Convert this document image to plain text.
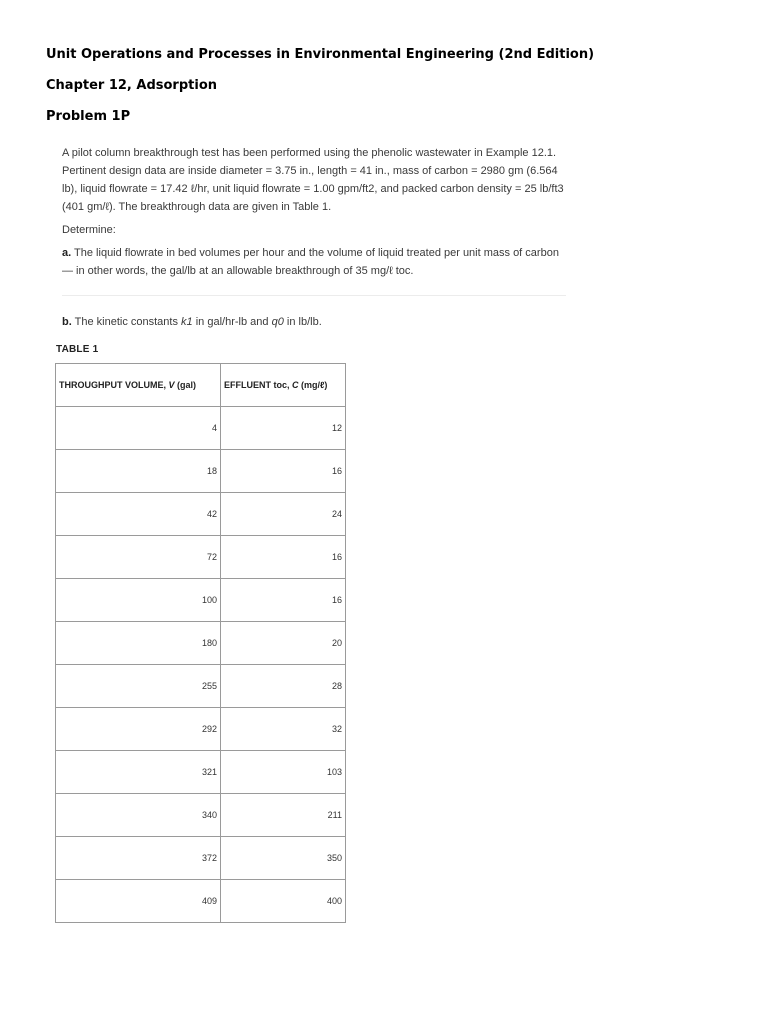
Unit Operations and Processes in Environmental Engineering (2nd Edition)
Chapter 12, Adsorption
Problem 1P

A pilot column breakthrough test has been performed using the phenolic wastewater in Example 12.1. Pertinent design data are inside diameter = 3.75 in., length = 41 in., mass of carbon = 2980 gm (6.564 lb), liquid flowrate = 17.42 ℓ/hr, unit liquid flowrate = 1.00 gpm/ft2, and packed carbon density = 25 lb/ft3 (401 gm/ℓ). The breakthrough data are given in Table 1.

Determine:

a. The liquid flowrate in bed volumes per hour and the volume of liquid treated per unit mass of carbon — in other words, the gal/lb at an allowable breakthrough of 35 mg/ℓ toc.

b. The kinetic constants k1 in gal/hr-lb and q0 in lb/lb.

TABLE 1

THROUGHPUT VOLUME, V (gal)	EFFLUENT toc, C (mg/ℓ)
4	12
18	16
42	24
72	16
100	16
180	20
255	28
292	32
321	103
340	211
372	350
409	400
